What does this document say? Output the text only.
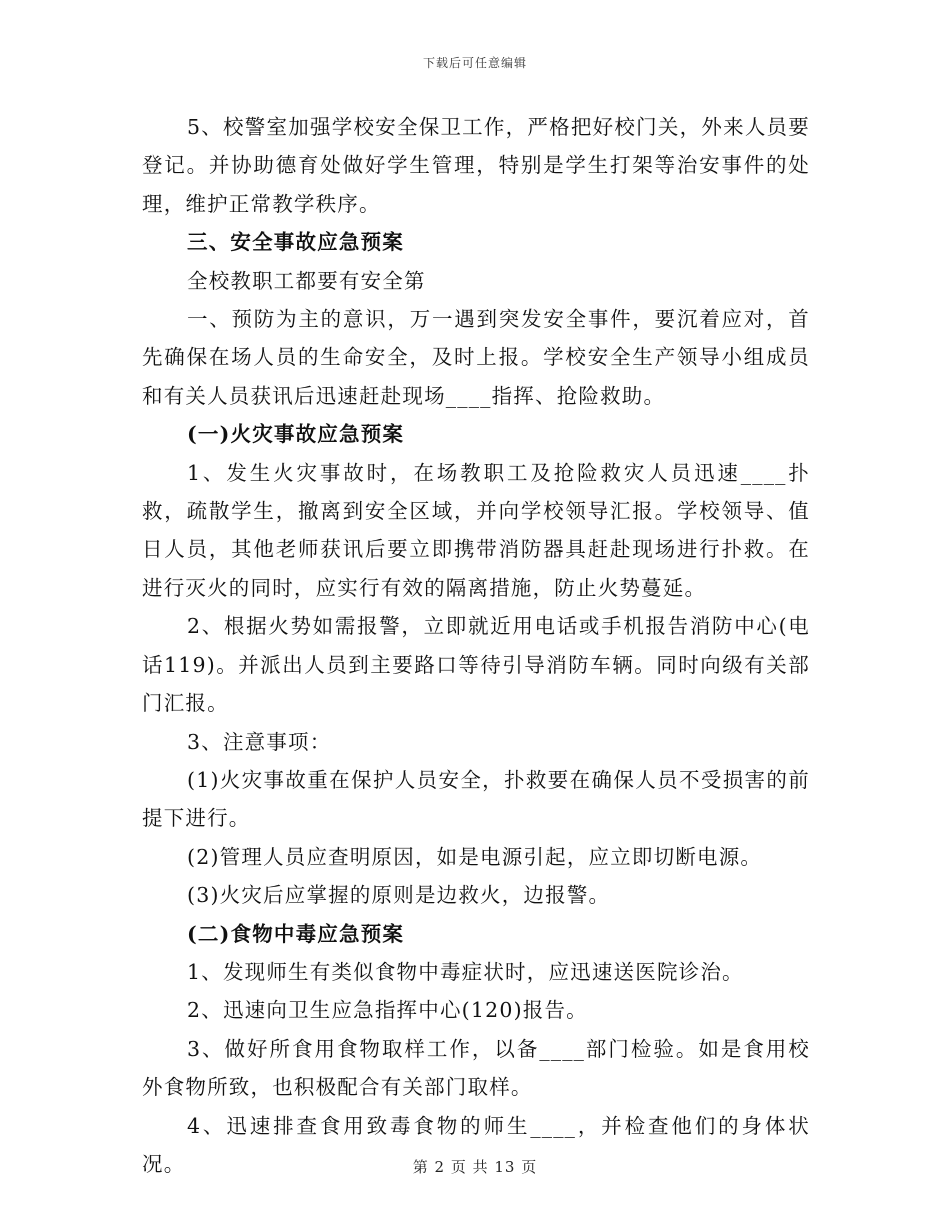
下载后可任意编辑

5、校警室加强学校安全保卫工作，严格把好校门关，外来人员要登记。并协助德育处做好学生管理，特别是学生打架等治安事件的处理，维护正常教学秩序。

三、安全事故应急预案

全校教职工都要有安全第

一、预防为主的意识，万一遇到突发安全事件，要沉着应对，首先确保在场人员的生命安全，及时上报。学校安全生产领导小组成员和有关人员获讯后迅速赶赴现场____指挥、抢险救助。

(一)火灾事故应急预案

1、发生火灾事故时，在场教职工及抢险救灾人员迅速____扑救，疏散学生，撤离到安全区域，并向学校领导汇报。学校领导、值日人员，其他老师获讯后要立即携带消防器具赶赴现场进行扑救。在进行灭火的同时，应实行有效的隔离措施，防止火势蔓延。

2、根据火势如需报警，立即就近用电话或手机报告消防中心(电话119)。并派出人员到主要路口等待引导消防车辆。同时向级有关部门汇报。

3、注意事项：

(1)火灾事故重在保护人员安全，扑救要在确保人员不受损害的前提下进行。

(2)管理人员应查明原因，如是电源引起，应立即切断电源。

(3)火灾后应掌握的原则是边救火，边报警。

(二)食物中毒应急预案

1、发现师生有类似食物中毒症状时，应迅速送医院诊治。

2、迅速向卫生应急指挥中心(120)报告。

3、做好所食用食物取样工作，以备____部门检验。如是食用校外食物所致，也积极配合有关部门取样。

4、迅速排查食用致毒食物的师生____，并检查他们的身体状况。	第 2 页 共 13 页
